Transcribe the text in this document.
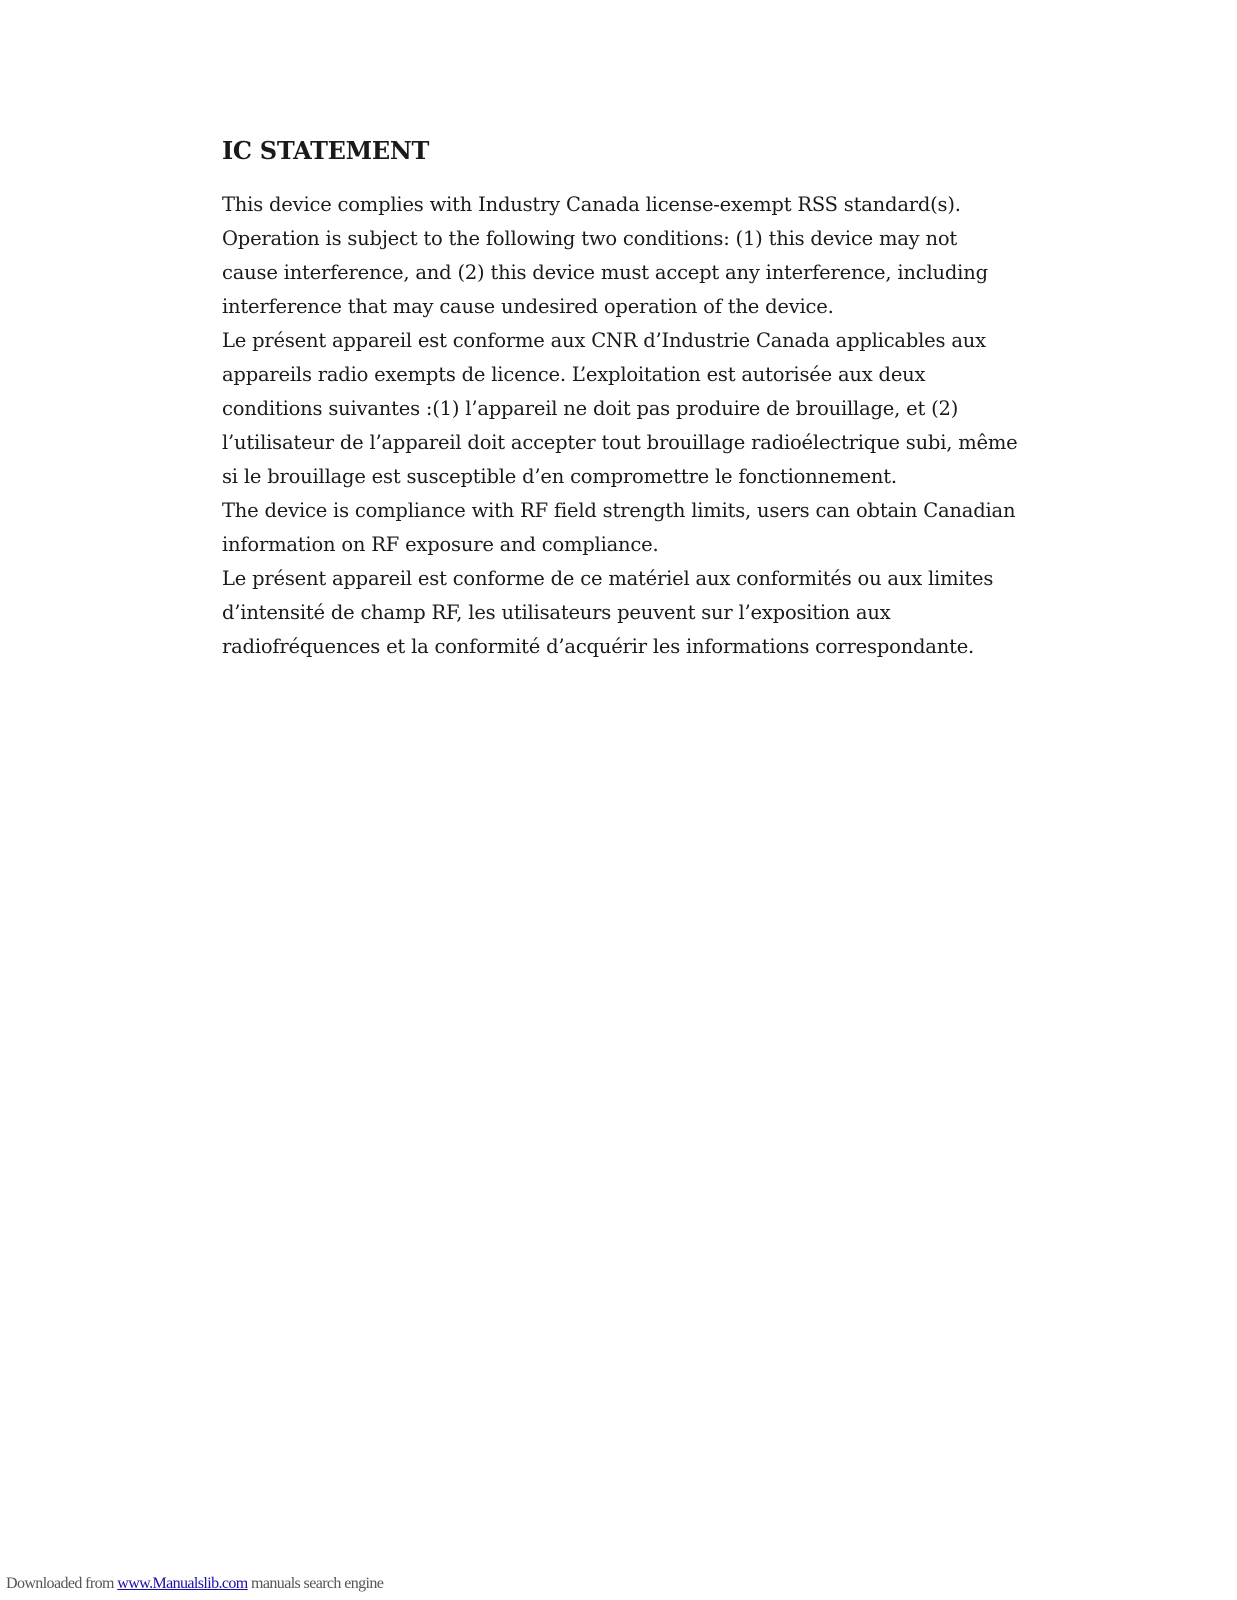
IC STATEMENT

This device complies with Industry Canada license-exempt RSS standard(s).

Operation is subject to the following two conditions: (1) this device may not

cause interference, and (2) this device must accept any interference, including

interference that may cause undesired operation of the device.

Le présent appareil est conforme aux CNR d’Industrie Canada applicables aux

appareils radio exempts de licence. L’exploitation est autorisée aux deux

conditions suivantes :(1) l’appareil ne doit pas produire de brouillage, et (2)

l’utilisateur de l’appareil doit accepter tout brouillage radioélectrique subi, même

si le brouillage est susceptible d’en compromettre le fonctionnement.

The device is compliance with RF field strength limits, users can obtain Canadian

information on RF exposure and compliance.

Le présent appareil est conforme de ce matériel aux conformités ou aux limites

d’intensité de champ RF, les utilisateurs peuvent sur l’exposition aux

radiofréquences et la conformité d’acquérir les informations correspondante.

Downloaded from www.Manualslib.com manuals search engine
